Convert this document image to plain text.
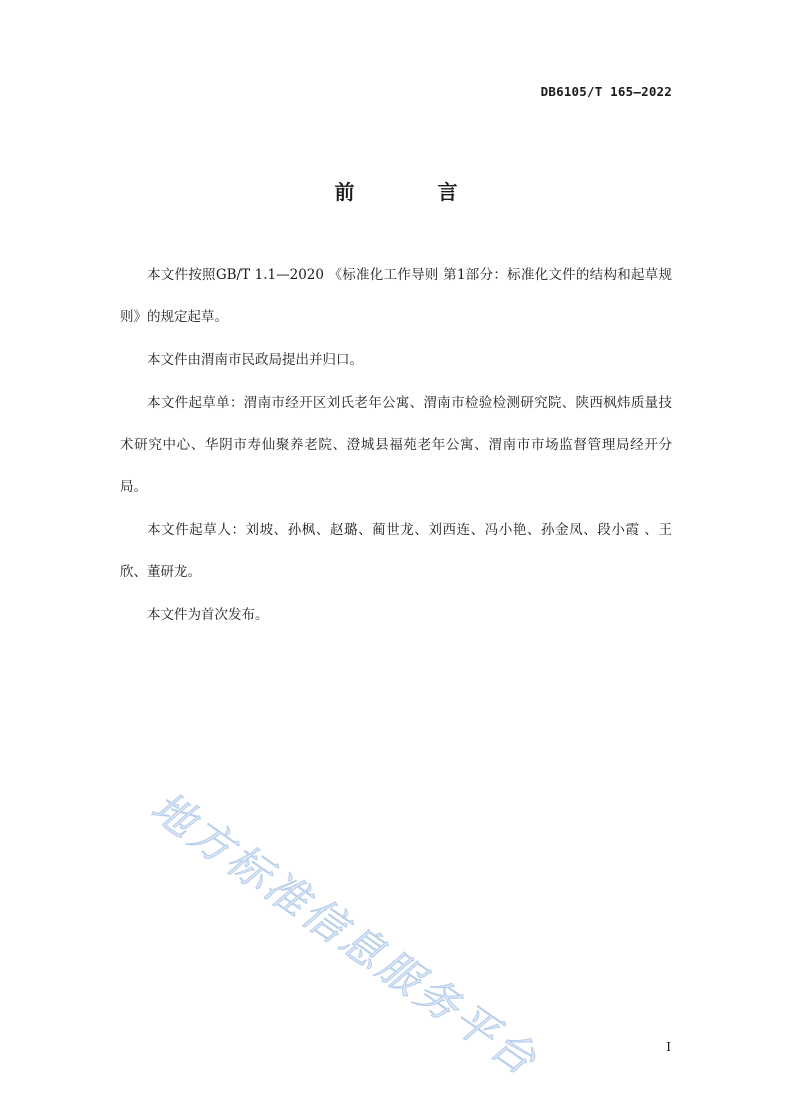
DB6105/T 165—2022
前 言

本文件按照GB/T 1.1—2020 《标准化工作导则 第1部分：标准化文件的结构和起草规则》的规定起草。

本文件由渭南市民政局提出并归口。

本文件起草单：渭南市经开区刘氏老年公寓、渭南市检验检测研究院、陕西枫炜质量技术研究中心、华阴市寿仙聚养老院、澄城县福苑老年公寓、渭南市市场监督管理局经开分局。

本文件起草人：刘坡、孙枫、赵璐、蔺世龙、刘西连、冯小艳、孙金凤、段小霞 、王欣、董研龙。

本文件为首次发布。

地方标准信息服务平台	I
